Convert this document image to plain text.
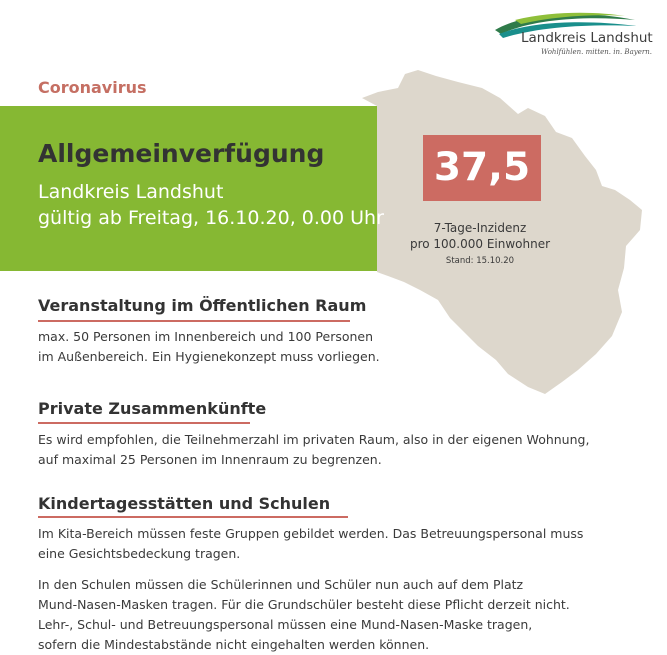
Landkreis Landshut
Wohlfühlen. mitten. in. Bayern.
Coronavirus
Allgemeinverfügung
Landkreis Landshut
gültig ab Freitag, 16.10.20, 0.00 Uhr
37,5
7-Tage-Inzidenz
pro 100.000 Einwohner
Stand: 15.10.20
Veranstaltung im Öffentlichen Raum
max. 50 Personen im Innenbereich und 100 Personen
im Außenbereich. Ein Hygienekonzept muss vorliegen.
Private Zusammenkünfte
Es wird empfohlen, die Teilnehmerzahl im privaten Raum, also in der eigenen Wohnung,
auf maximal 25 Personen im Innenraum zu begrenzen.
Kindertagesstätten und Schulen
Im Kita-Bereich müssen feste Gruppen gebildet werden. Das Betreuungspersonal muss
eine Gesichtsbedeckung tragen.
In den Schulen müssen die Schülerinnen und Schüler nun auch auf dem Platz
Mund-Nasen-Masken tragen. Für die Grundschüler besteht diese Pflicht derzeit nicht.
Lehr-, Schul- und Betreuungspersonal müssen eine Mund-Nasen-Maske tragen,
sofern die Mindestabstände nicht eingehalten werden können.
